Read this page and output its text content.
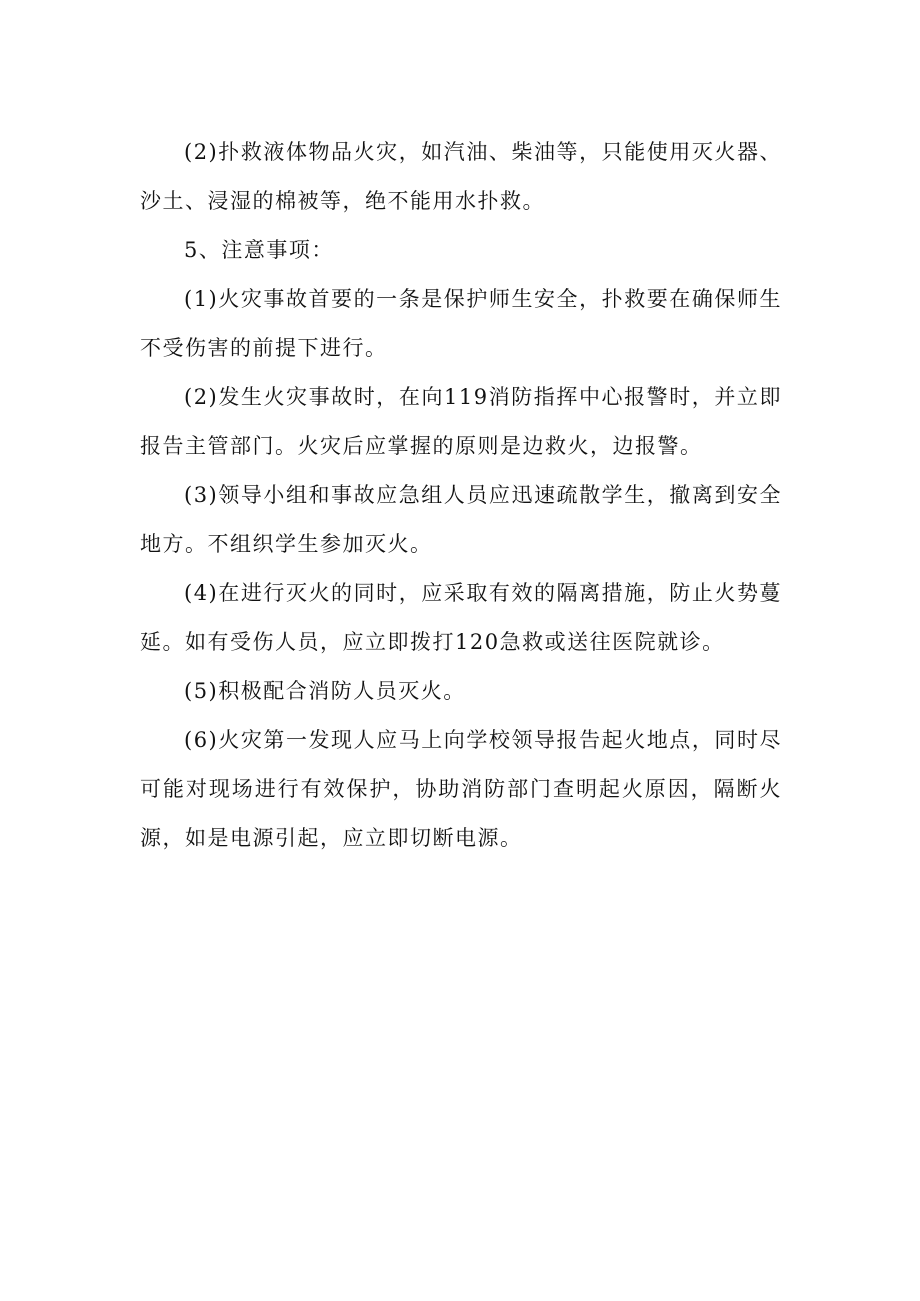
(2)扑救液体物品火灾，如汽油、柴油等，只能使用灭火器、沙土、浸湿的棉被等，绝不能用水扑救。

5、注意事项：

(1)火灾事故首要的一条是保护师生安全，扑救要在确保师生不受伤害的前提下进行。

(2)发生火灾事故时，在向119消防指挥中心报警时，并立即报告主管部门。火灾后应掌握的原则是边救火，边报警。

(3)领导小组和事故应急组人员应迅速疏散学生，撤离到安全地方。不组织学生参加灭火。

(4)在进行灭火的同时，应采取有效的隔离措施，防止火势蔓延。如有受伤人员，应立即拨打120急救或送往医院就诊。

(5)积极配合消防人员灭火。

(6)火灾第一发现人应马上向学校领导报告起火地点，同时尽可能对现场进行有效保护，协助消防部门查明起火原因，隔断火源，如是电源引起，应立即切断电源。
